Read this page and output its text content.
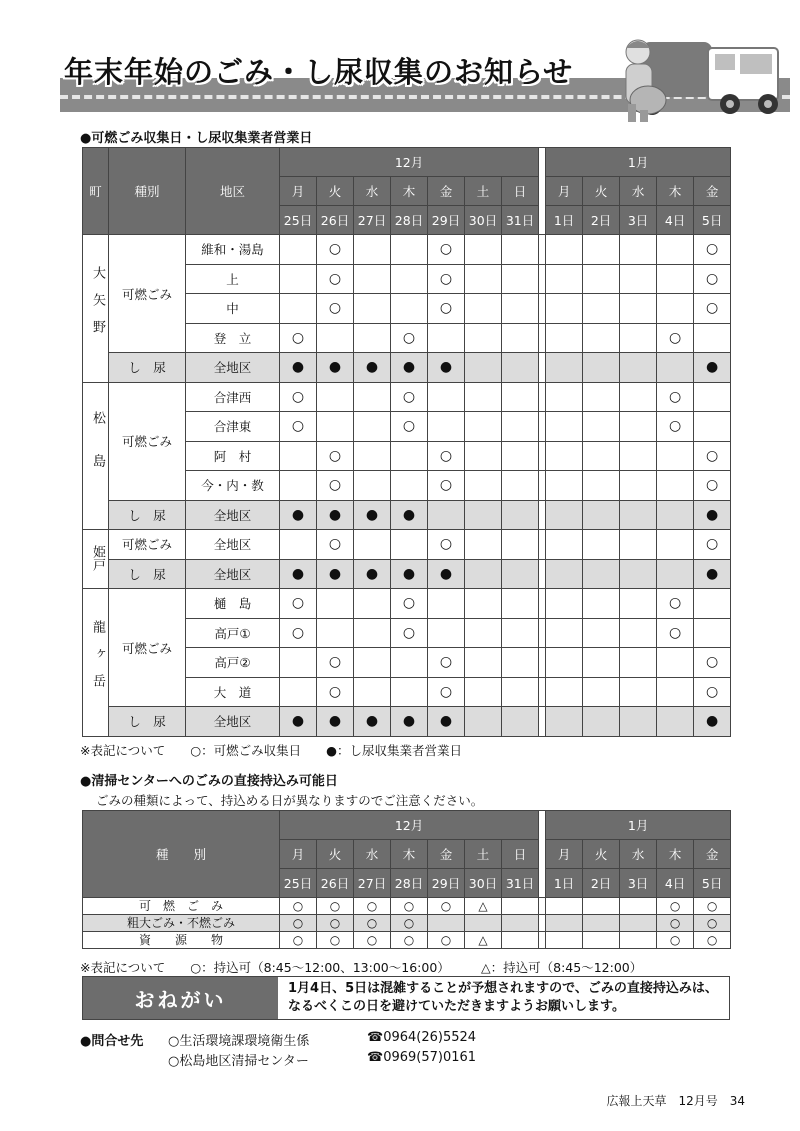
年末年始のごみ・し尿収集のお知らせ
●可燃ごみ収集日・し尿収集業者営業日
町	種別	地区	12月								1月				
			月	火	水	木	金	土	日		月	火	水	木	金
			25日	26日	27日	28日	29日	30日	31日		1日	2日	3日	4日	5日
大矢野	可燃ごみ	維和・湯島		○			○								○
		上		○			○								○
		中		○			○								○
		登　立	○			○								○	
	し　尿	全地区	●	●	●	●	●								●
松島	可燃ごみ	合津西	○			○								○	
		合津東	○			○								○	
		阿　村		○			○								○
		今・内・教		○			○								○
	し　尿	全地区	●	●	●	●									●
姫戸	可燃ごみ	全地区		○			○								○
	し　尿	全地区	●	●	●	●	●								●
龍ヶ岳	可燃ごみ	樋　島	○			○								○	
		高戸①	○			○								○	
		高戸②		○			○								○
		大　道		○			○								○
	し　尿	全地区	●	●	●	●	●								●
※表記について　　○：可燃ごみ収集日　　●：し尿収集業者営業日
●清掃センターへのごみの直接持込み可能日
ごみの種類によって、持込める日が異なりますのでご注意ください。
種　　別	12月								1月				
	月	火	水	木	金	土	日		月	火	水	木	金
	25日	26日	27日	28日	29日	30日	31日		1日	2日	3日	4日	5日
可　燃　ご　み	○	○	○	○	○	△						○	○
粗大ごみ・不燃ごみ	○	○	○	○								○	○
資　　源　　物	○	○	○	○	○	△						○	○
※表記について　　○：持込可（8:45～12:00、13:00～16:00）　　　△：持込可（8:45～12:00）
おねがい	1月4日、5日は混雑することが予想されますので、ごみの直接持込みは、なるべくこの日を避けていただきますようお願いします。
●問合せ先 ○生活環境課環境衛生係	☎0964(26)5524
○松島地区清掃センター	☎0969(57)0161
広報上天草　12月号　34
